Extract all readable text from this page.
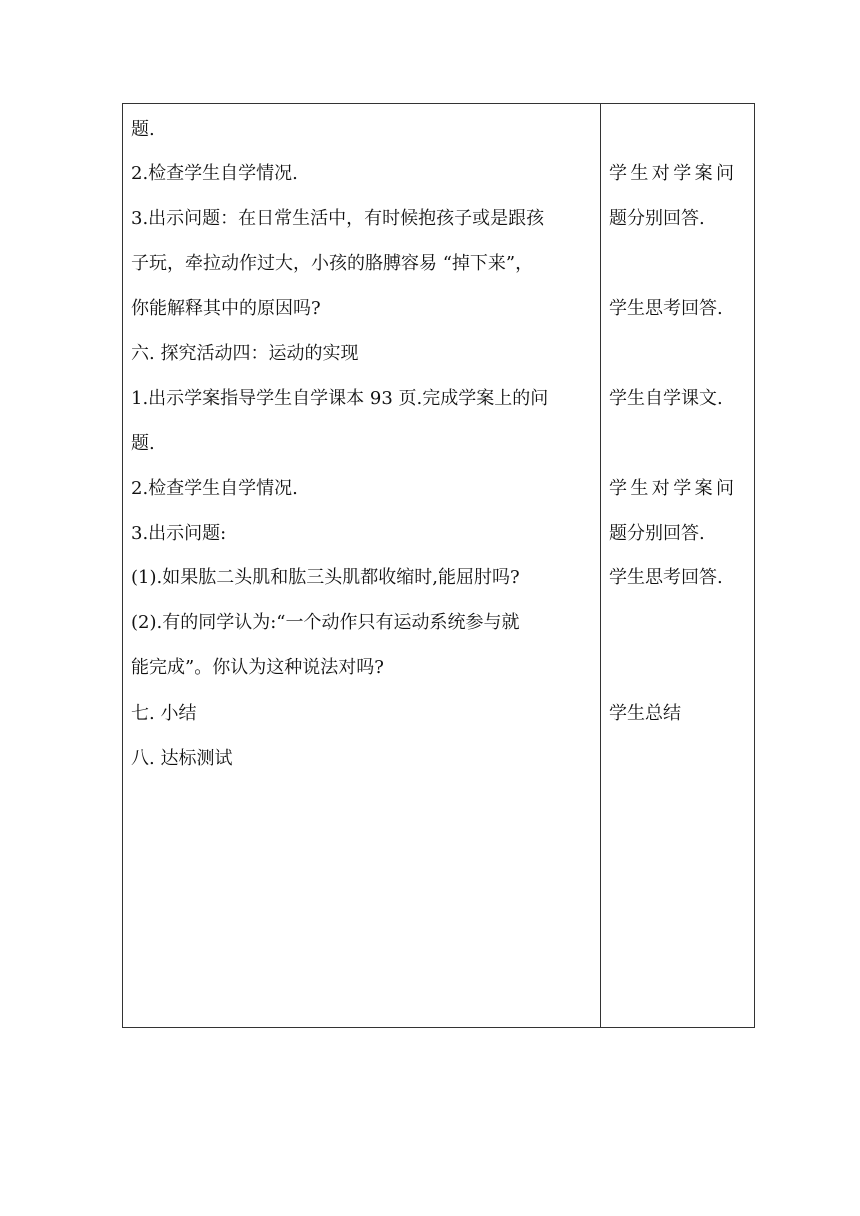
题.
2.检查学生自学情况.
3.出示问题：在日常生活中，有时候抱孩子或是跟孩
子玩，牵拉动作过大，小孩的胳膊容易 “掉下来”，
你能解释其中的原因吗?
六. 探究活动四：运动的实现
1.出示学案指导学生自学课本 93 页.完成学案上的问
题.
2.检查学生自学情况.
3.出示问题:
(1).如果肱二头肌和肱三头肌都收缩时,能屈肘吗?
(2).有的同学认为:“一个动作只有运动系统参与就
能完成”。你认为这种说法对吗?
七. 小结
八. 达标测试
学生对学案问
题分别回答.
学生思考回答.
学生自学课文.
学生对学案问
题分别回答.
学生思考回答.
学生总结
